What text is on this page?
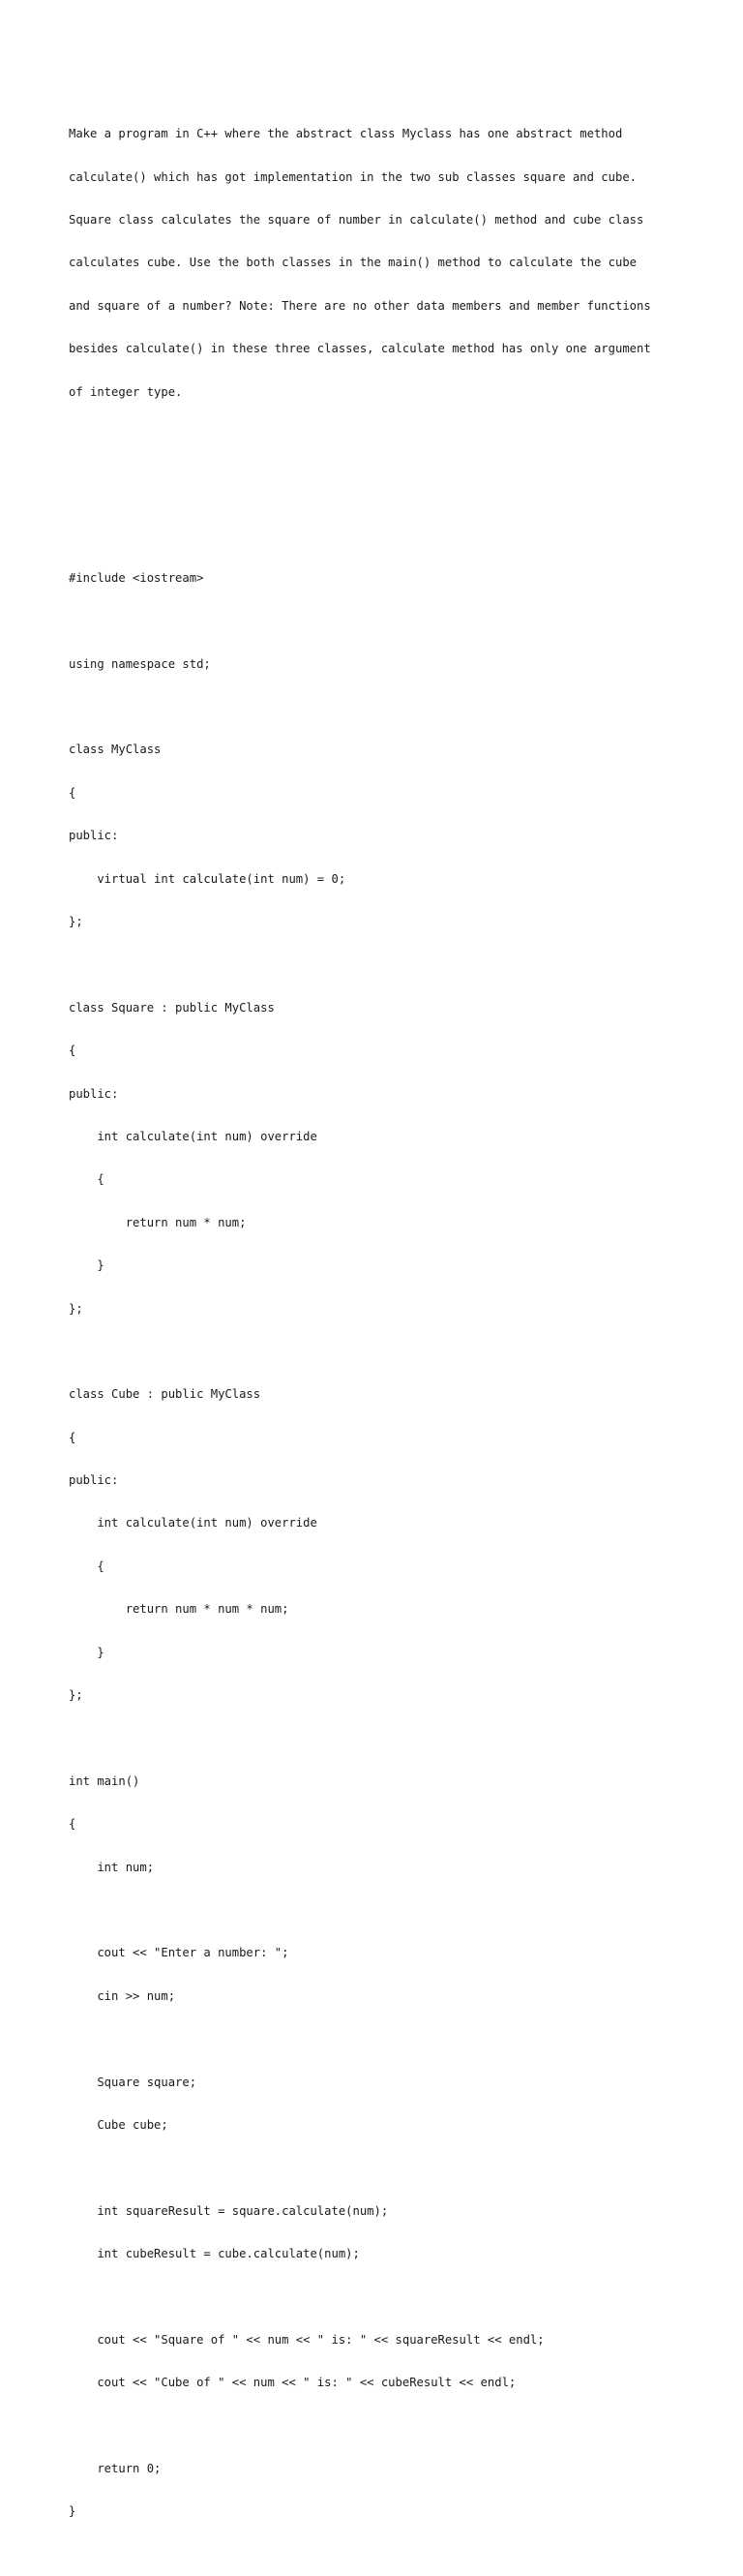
Make a program in C++ where the abstract class Myclass has one abstract method

calculate() which has got implementation in the two sub classes square and cube.

Square class calculates the square of number in calculate() method and cube class

calculates cube. Use the both classes in the main() method to calculate the cube

and square of a number? Note: There are no other data members and member functions

besides calculate() in these three classes, calculate method has only one argument

of integer type.

#include <iostream>

using namespace std;

class MyClass

{

public:

virtual int calculate(int num) = 0;

};

class Square : public MyClass

{

public:

int calculate(int num) override

{

return num * num;

}

};

class Cube : public MyClass

{

public:

int calculate(int num) override

{

return num * num * num;

}

};

int main()

{

int num;

cout << "Enter a number: ";

cin >> num;

Square square;

Cube cube;

int squareResult = square.calculate(num);

int cubeResult = cube.calculate(num);

cout << "Square of " << num << " is: " << squareResult << endl;

cout << "Cube of " << num << " is: " << cubeResult << endl;

return 0;

}
